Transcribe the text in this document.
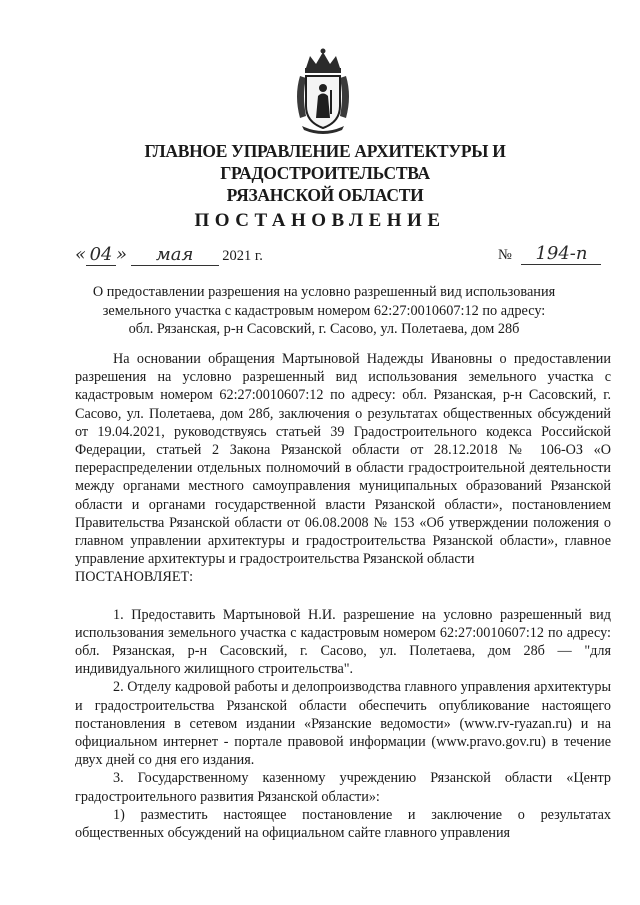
ГЛАВНОЕ УПРАВЛЕНИЕ АРХИТЕКТУРЫ И ГРАДОСТРОИТЕЛЬСТВА
РЯЗАНСКОЙ ОБЛАСТИ
ПОСТАНОВЛЕНИЕ
« 04 » мая 2021 г.	№ 194-п
О предоставлении разрешения на условно разрешенный вид использования
земельного участка с кадастровым номером 62:27:0010607:12 по адресу:
обл. Рязанская, р-н Сасовский, г. Сасово, ул. Полетаева, дом 28б

На основании обращения Мартыновой Надежды Ивановны о предоставлении разрешения на условно разрешенный вид использования земельного участка с кадастровым номером 62:27:0010607:12 по адресу: обл. Рязанская, р-н Сасовский, г. Сасово, ул. Полетаева, дом 28б, заключения о результатах общественных обсуждений от 19.04.2021, руководствуясь статьей 39 Градостроительного кодекса Российской Федерации, статьей 2 Закона Рязанской области от 28.12.2018 № 106-ОЗ «О перераспределении отдельных полномочий в области градостроительной деятельности между органами местного самоуправления муниципальных образований Рязанской области и органами государственной власти Рязанской области», постановлением Правительства Рязанской области от 06.08.2008 № 153 «Об утверждении положения о главном управлении архитектуры и градостроительства Рязанской области», главное управление архитектуры и градостроительства Рязанской области

ПОСТАНОВЛЯЕТ:

1. Предоставить Мартыновой Н.И. разрешение на условно разрешенный вид использования земельного участка с кадастровым номером 62:27:0010607:12 по адресу: обл. Рязанская, р-н Сасовский, г. Сасово, ул. Полетаева, дом 28б — "для индивидуального жилищного строительства".

2. Отделу кадровой работы и делопроизводства главного управления архитектуры и градостроительства Рязанской области обеспечить опубликование настоящего постановления в сетевом издании «Рязанские ведомости» (www.rv-ryazan.ru) и на официальном интернет - портале правовой информации (www.pravo.gov.ru) в течение двух дней со дня его издания.

3. Государственному казенному учреждению Рязанской области «Центр градостроительного развития Рязанской области»:

1) разместить настоящее постановление и заключение о результатах общественных обсуждений на официальном сайте главного управления
